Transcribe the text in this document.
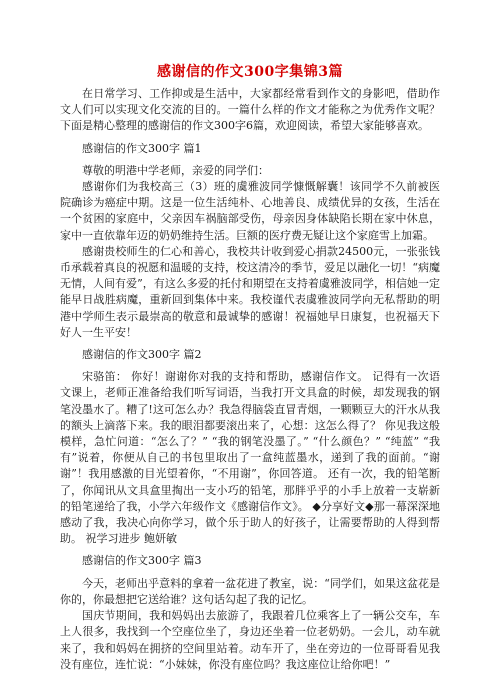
感谢信的作文300字集锦3篇

在日常学习、工作抑或是生活中，大家都经常看到作文的身影吧，借助作文人们可以实现文化交流的目的。一篇什么样的作文才能称之为优秀作文呢？下面是精心整理的感谢信的作文300字6篇，欢迎阅读，希望大家能够喜欢。

感谢信的作文300字 篇1

尊敬的明港中学老师，亲爱的同学们：

感谢你们为我校高三（3）班的虞雅波同学慷慨解囊！该同学不久前被医院确诊为癌症中期。这是一位生活纯朴、心地善良、成绩优异的女孩，生活在一个贫困的家庭中，父亲因车祸脑部受伤，母亲因身体缺陷长期在家中休息，家中一直依靠年迈的奶奶维持生活。巨额的医疗费无疑让这个家庭雪上加霜。

感谢贵校师生的仁心和善心，我校共计收到爱心捐款24500元，一张张钱币承载着真良的祝愿和温暖的支持，校这清冷的季节，爱足以融化一切！“病魔无情，人间有爱”，有这么多爱的托付和期望在支持着虞雅波同学，相信她一定能早日战胜病魔，重新回到集体中来。我校谨代表虞雅波同学向无私帮助的明港中学师生表示最崇高的敬意和最诚挚的感谢！祝福她早日康复，也祝福天下好人一生平安！

感谢信的作文300字 篇2

宋骆笛： 你好！谢谢你对我的支持和帮助，感谢信作文。 记得有一次语文课上，老师正准备给我们听写词语，当我打开文具盒的时候，却发现我的钢笔没墨水了。糟了!这可怎么办？我急得脑袋直冒青烟，一颗颗豆大的汗水从我的额头上滴落下来。我的眼泪都要滚出来了，心想：这怎么得了？ 你见我这般模样，急忙问道：“怎么了？” “我的钢笔没墨了。” “什么颜色？” “纯蓝” “我有”说着，你便从自己的书包里取出了一盒纯蓝墨水，递到了我的面前。“谢谢”！我用感激的目光望着你，“不用谢”，你回答道。 还有一次，我的铅笔断了，你闻讯从文具盒里掏出一支小巧的铅笔，那胖乎乎的小手上放着一支崭新的铅笔递给了我，小学六年级作文《感谢信作文》。 ◆分享好文◆那一幕深深地感动了我，我决心向你学习，做个乐于助人的好孩子，让需要帮助的人得到帮助。 祝学习进步 鲍妍敏

感谢信的作文300字 篇3

今天，老师出乎意料的拿着一盆花进了教室，说：“同学们，如果这盆花是你的，你最想把它送给谁？这句话勾起了我的记忆。

国庆节期间，我和妈妈出去旅游了，我跟着几位乘客上了一辆公交车，车上人很多，我找到一个空座位坐了，身边还坐着一位老奶奶。一会儿，动车就来了，我和妈妈在拥挤的空间里站着。动车开了，坐在旁边的一位哥哥看见我没有座位，连忙说：“小妹妹，你没有座位吗？我这座位让给你吧！”
